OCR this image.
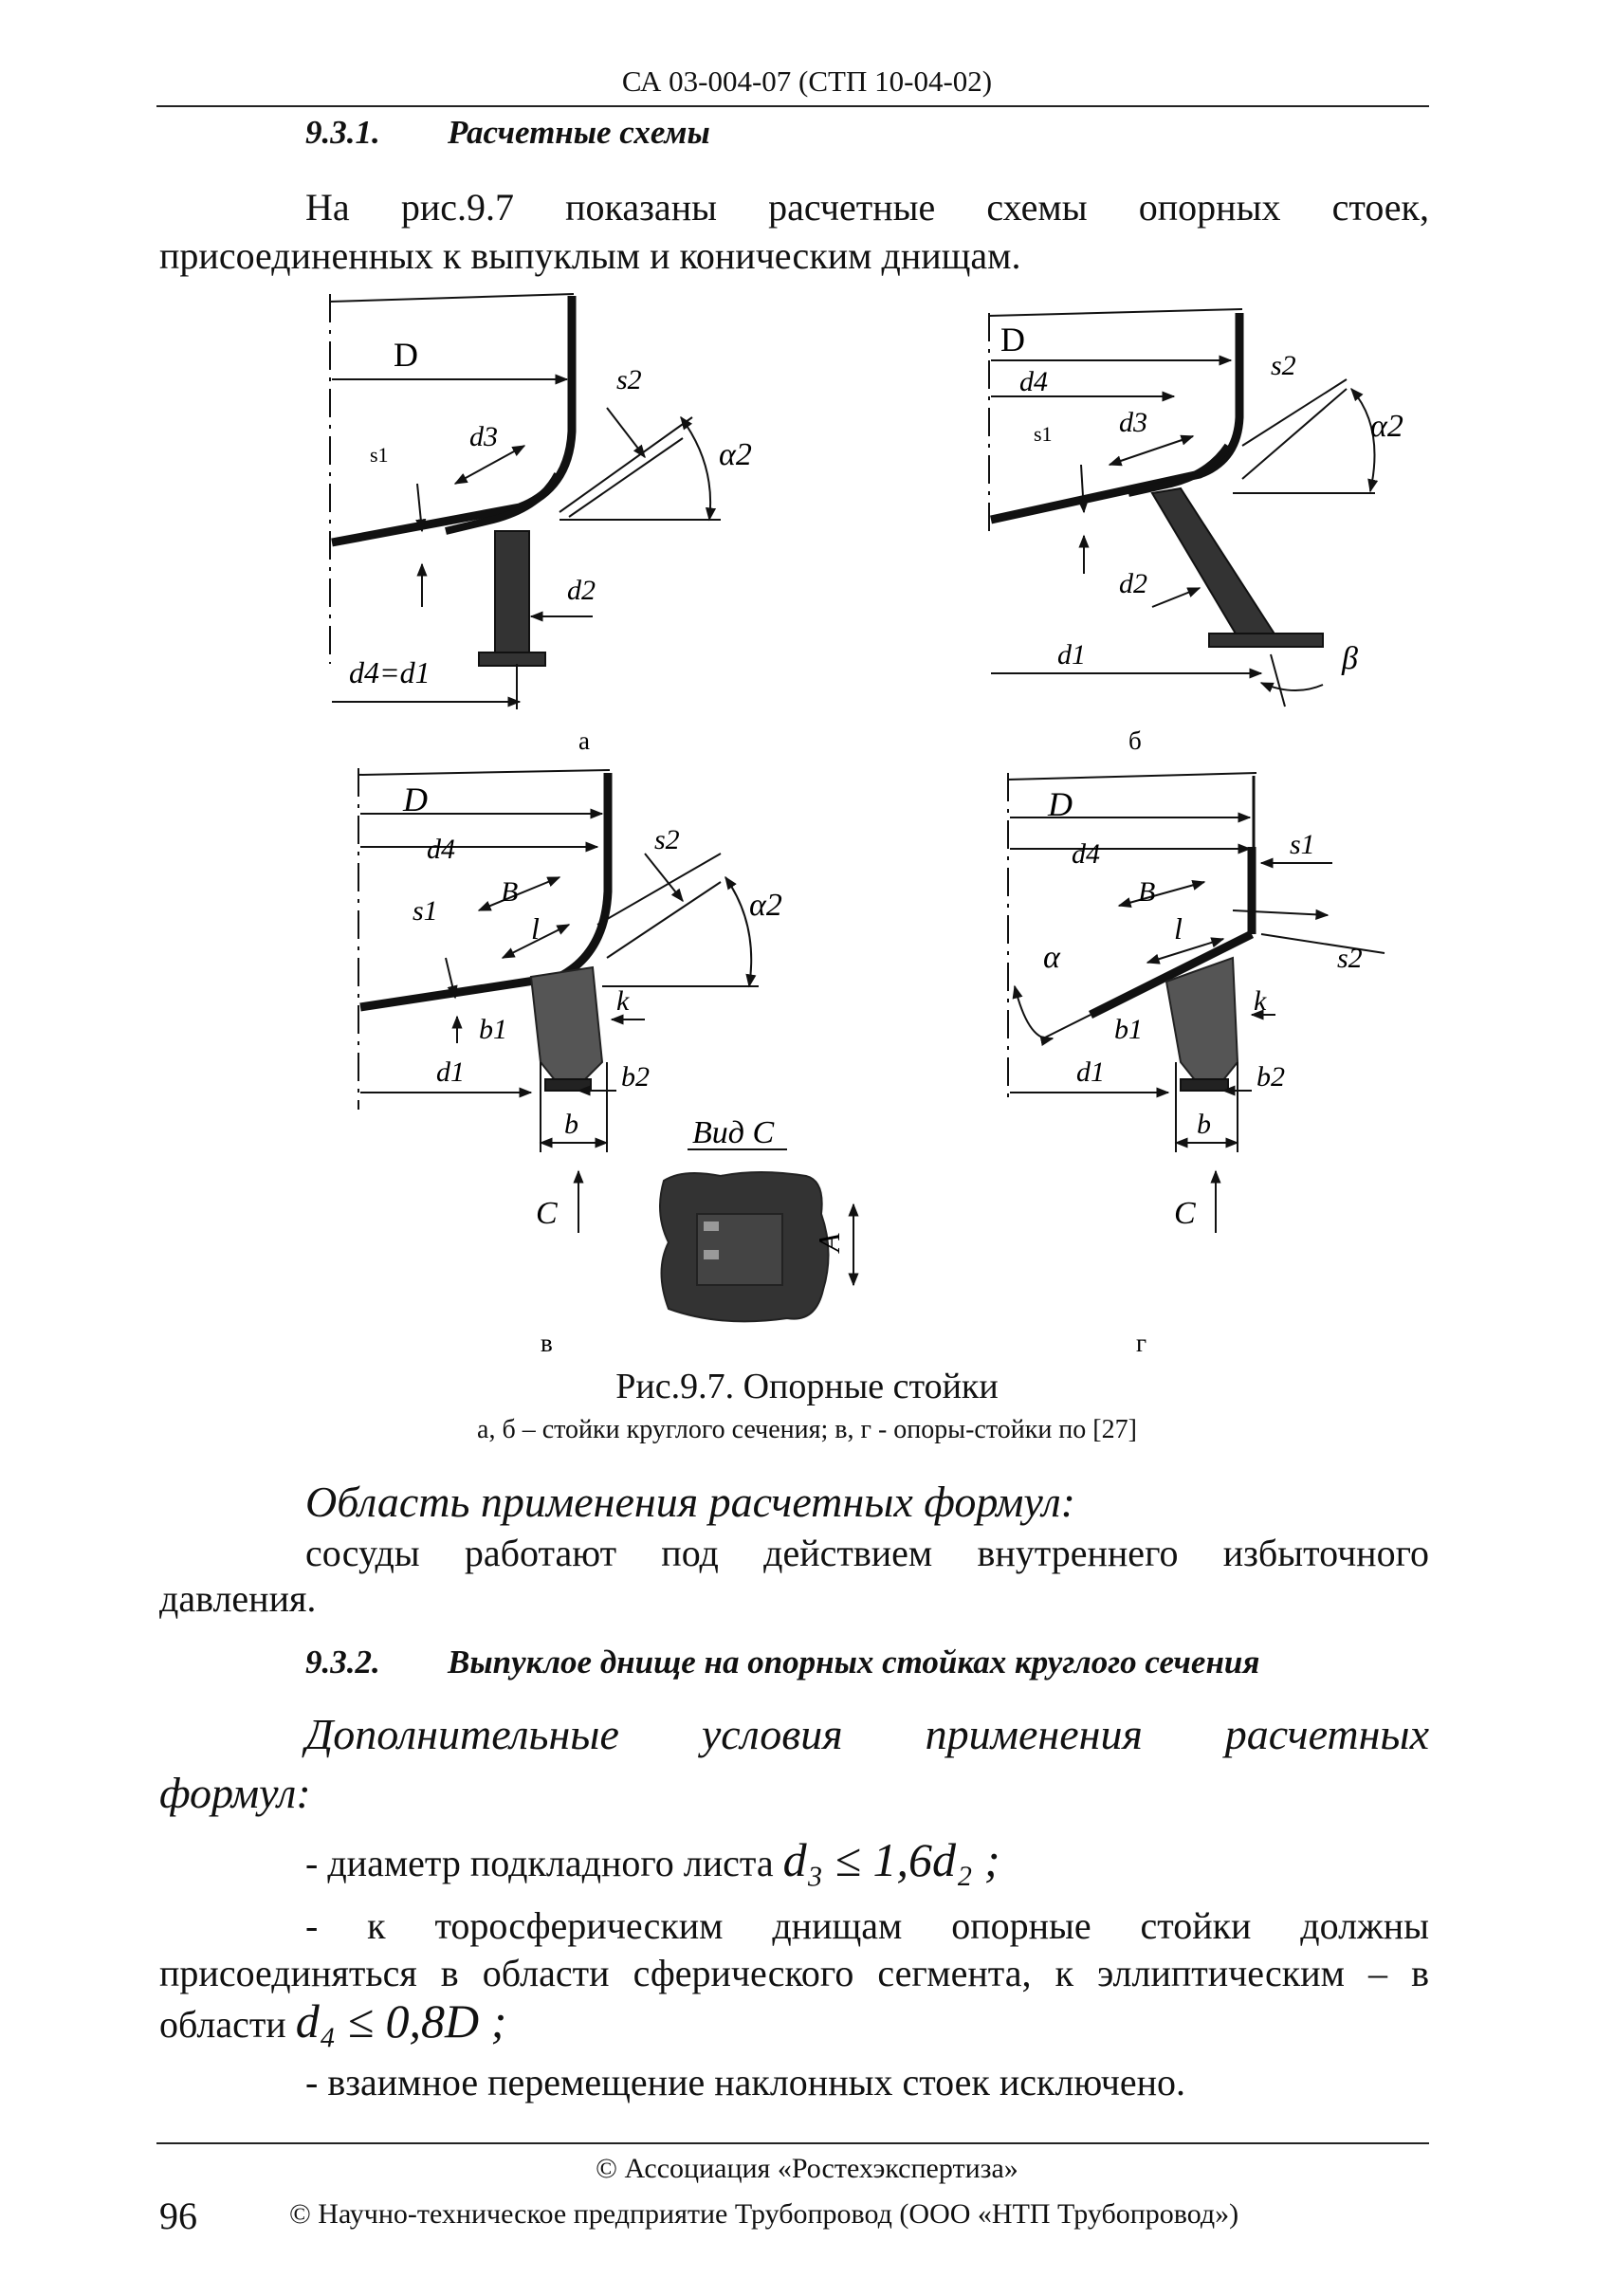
СА 03-004-07 (СТП 10-04-02)
9.3.1. Расчетные схемы
На рис.9.7 показаны расчетные схемы опорных стоек,
присоединенных к выпуклым и коническим днищам.
D
s1
d3
s2
α2
d2
d4=d1
а
D
d4
s1 d3
s2
α2
d2
d1	β
б
D
d4
s1
B
l
s2
α2
k
b1
d1	b2
b
C
Вид C
A
в
D
d4	s1
B
l
s2
α
k
b1
d1	b2
b
C
г
Рис.9.7. Опорные стойки
а, б – стойки круглого сечения; в, г - опоры-стойки по [27]
Область применения расчетных формул:
сосуды работают под действием внутреннего избыточного
давления.
9.3.2. Выпуклое днище на опорных стойках круглого сечения
Дополнительные условия применения расчетных
формул:
- диаметр подкладного листа d₃ ≤ 1,6d₂ ;
- к торосферическим днищам опорные стойки должны
присоединяться в области сферического сегмента, к эллиптическим – в
области d₄ ≤ 0,8D ;
- взаимное перемещение наклонных стоек исключено.
© Ассоциация «Ростехэкспертиза»
96	© Научно-техническое предприятие Трубопровод (ООО «НТП Трубопровод»)
